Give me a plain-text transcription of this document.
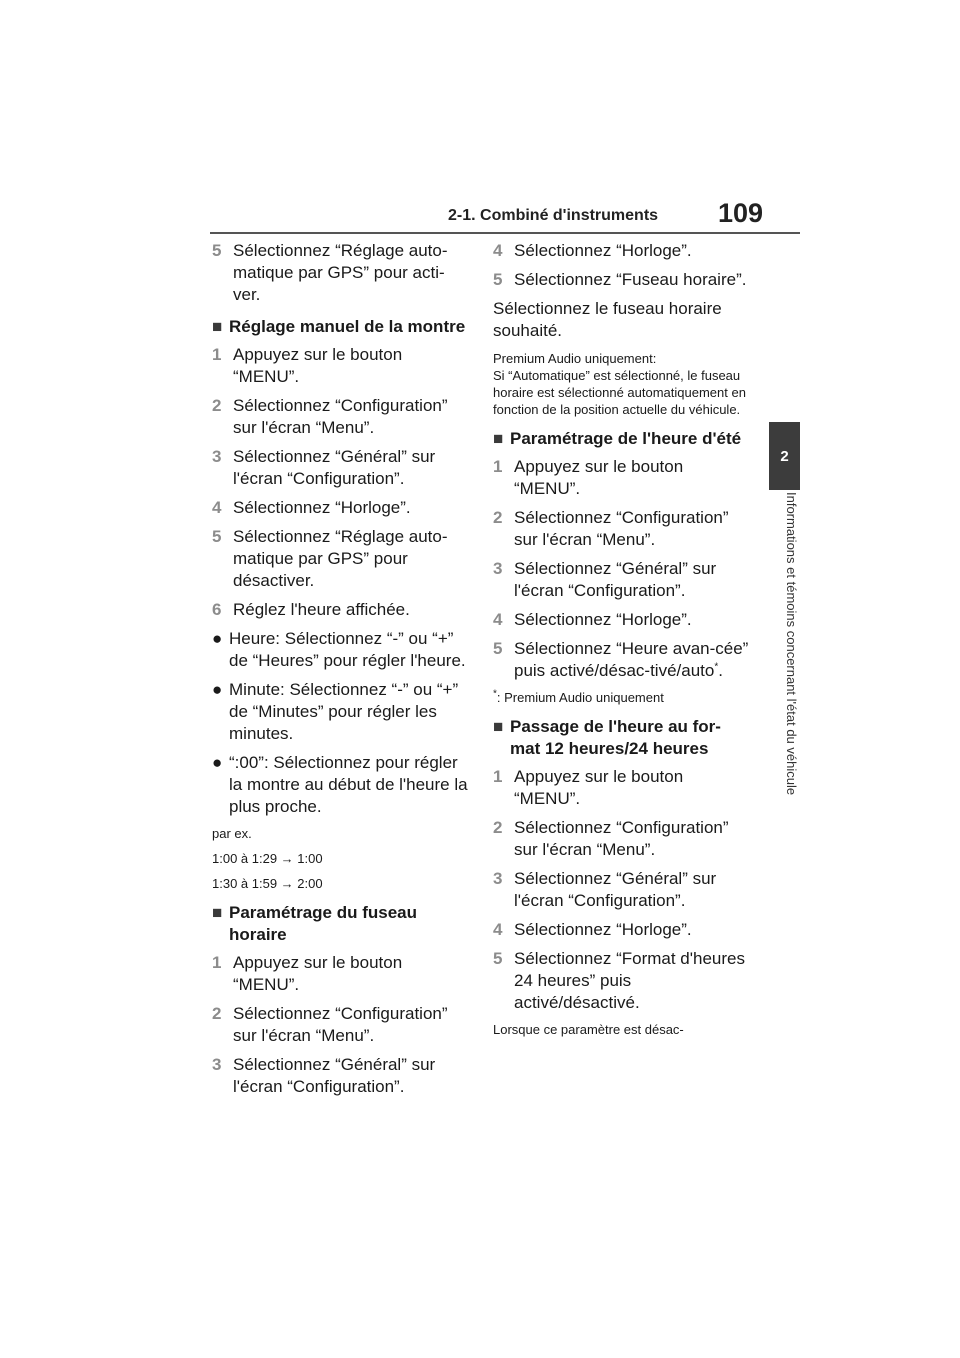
2-1. Combiné d'instruments 109
2
Informations et témoins concernant l'état du véhicule
5 Sélectionnez “Réglage auto-matique par GPS” pour acti-ver.
■ Réglage manuel de la montre
1 Appuyez sur le bouton “MENU”.
2 Sélectionnez “Configuration” sur l'écran “Menu”.
3 Sélectionnez “Général” sur l'écran “Configuration”.
4 Sélectionnez “Horloge”.
5 Sélectionnez “Réglage auto-matique par GPS” pour désactiver.
6 Réglez l'heure affichée.
● Heure: Sélectionnez “-” ou “+” de “Heures” pour régler l'heure.
● Minute: Sélectionnez “-” ou “+” de “Minutes” pour régler les minutes.
● “:00”: Sélectionnez pour régler la montre au début de l'heure la plus proche.
par ex.
1:00 à 1:29 → 1:00
1:30 à 1:59 → 2:00
■ Paramétrage du fuseau horaire
1 Appuyez sur le bouton “MENU”.
2 Sélectionnez “Configuration” sur l'écran “Menu”.
3 Sélectionnez “Général” sur l'écran “Configuration”.
4 Sélectionnez “Horloge”.
5 Sélectionnez “Fuseau horaire”.
Sélectionnez le fuseau horaire souhaité.
Premium Audio uniquement:
Si “Automatique” est sélectionné, le fuseau horaire est sélectionné automatiquement en fonction de la position actuelle du véhicule.
■ Paramétrage de l'heure d'été
1 Appuyez sur le bouton “MENU”.
2 Sélectionnez “Configuration” sur l'écran “Menu”.
3 Sélectionnez “Général” sur l'écran “Configuration”.
4 Sélectionnez “Horloge”.
5 Sélectionnez “Heure avan-cée” puis activé/désac-tivé/auto*.
*: Premium Audio uniquement
■ Passage de l'heure au for-mat 12 heures/24 heures
1 Appuyez sur le bouton “MENU”.
2 Sélectionnez “Configuration” sur l'écran “Menu”.
3 Sélectionnez “Général” sur l'écran “Configuration”.
4 Sélectionnez “Horloge”.
5 Sélectionnez “Format d'heures 24 heures” puis activé/désactivé.
Lorsque ce paramètre est désac-
